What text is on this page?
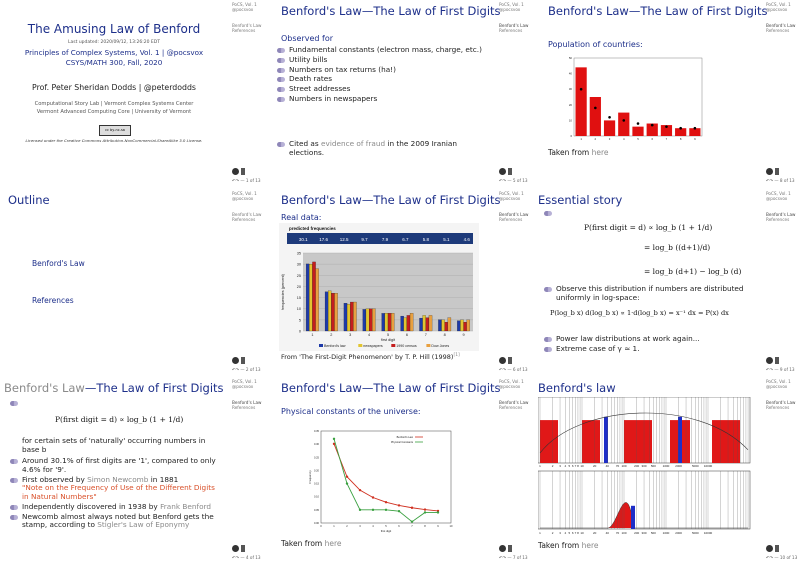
The Amusing Law of Benford
Last updated: 2020/09/12, 13:26:20 EDT
Principles of Complex Systems, Vol. 1 | @pocsvox
CSYS/MATH 300, Fall, 2020
Prof. Peter Sheridan Dodds | @peterdodds
Computational Story Lab | Vermont Complex Systems Center
Vermont Advanced Computing Core | University of Vermont
cc by-nc-sa
Licensed under the Creative Commons Attribution-NonCommercial-ShareAlike 3.0 License.
PoCS, Vol. 1
@pocsvox
Benford's Law
References
↶↷ — 1 of 13
Benford's Law—The Law of First Digits
Observed for
Fundamental constants (electron mass, charge, etc.)
Utility bills
Numbers on tax returns (ha!)
Death rates
Street addresses
Numbers in newspapers
Cited as evidence of fraud in the 2009 Iranian elections.
PoCS, Vol. 1
@pocsvox
Benford's Law
References
↶↷ — 5 of 13
Benford's Law—The Law of First Digits
Population of countries:
0
10
20
30
40
50
1	2	3	4	5	6	7	8	9
Taken from here
PoCS, Vol. 1
@pocsvox
Benford's Law
References
↶↷ — 8 of 13
Outline
Benford's Law
References
PoCS, Vol. 1
@pocsvox
Benford's Law
References
↶↷ — 2 of 13
Benford's Law—The Law of First Digits
Real data:
predicted frequencies
30.1	17.6	12.5	9.7	7.9	6.7	5.8	5.1	4.6
0
5
10
15
20
25
30
35
frequencies (percent)
1	2	3	4	5	6	7	8	9
first digit
Benford's law	newspapers	1990 census	Dow Jones
From 'The First-Digit Phenomenon' by T. P. Hill (1998)[1]
PoCS, Vol. 1
@pocsvox
Benford's Law
References
↶↷ — 6 of 13
Essential story

P(first digit = d) ∝ log_b (1 + 1/d)
= log_b ((d+1)/d)
= log_b (d+1) − log_b (d)
Observe this distribution if numbers are distributed uniformly in log-space:
P(log_b x) d(log_b x) ∝ 1·d(log_b x) = x⁻¹ dx = P(x) dx
Power law distributions at work again...
Extreme case of γ ≃ 1.
PoCS, Vol. 1
@pocsvox
Benford's Law
References
↶↷ — 9 of 13
Benford's Law—The Law of First Digits

P(first digit = d) ∝ log_b (1 + 1/d)
for certain sets of 'naturally' occurring numbers in base b
Around 30.1% of first digits are '1', compared to only 4.6% for '9'.
First observed by Simon Newcomb in 1881
"Note on the Frequency of Use of the Different Digits in Natural Numbers"
Independently discovered in 1938 by Frank Benford
Newcomb almost always noted but Benford gets the stamp, according to Stigler's Law of Eponymy
PoCS, Vol. 1
@pocsvox
Benford's Law
References
↶↷ — 4 of 13
Benford's Law—The Law of First Digits
Physical constants of the universe:
0.00
0.05
0.10
0.15
0.20
0.25
0.30
0.35
0	1	2	3	4	5	6	7	8	9	10
first digit
Frequency
Benford's Law
Physical Constants
Taken from here
PoCS, Vol. 1
@pocsvox
Benford's Law
References
↶↷ — 7 of 13
Benford's law
1
1
2
2
3
3
4
4
5
5
6
6
7
7
8
8
10
10
20
20
40
40
70
70
100
100
200
200
300
300
500
500
1000
1000
2000
2000
5000
5000
10000
10000
Taken from here
PoCS, Vol. 1
@pocsvox
Benford's Law
References
↶↷ — 10 of 13
